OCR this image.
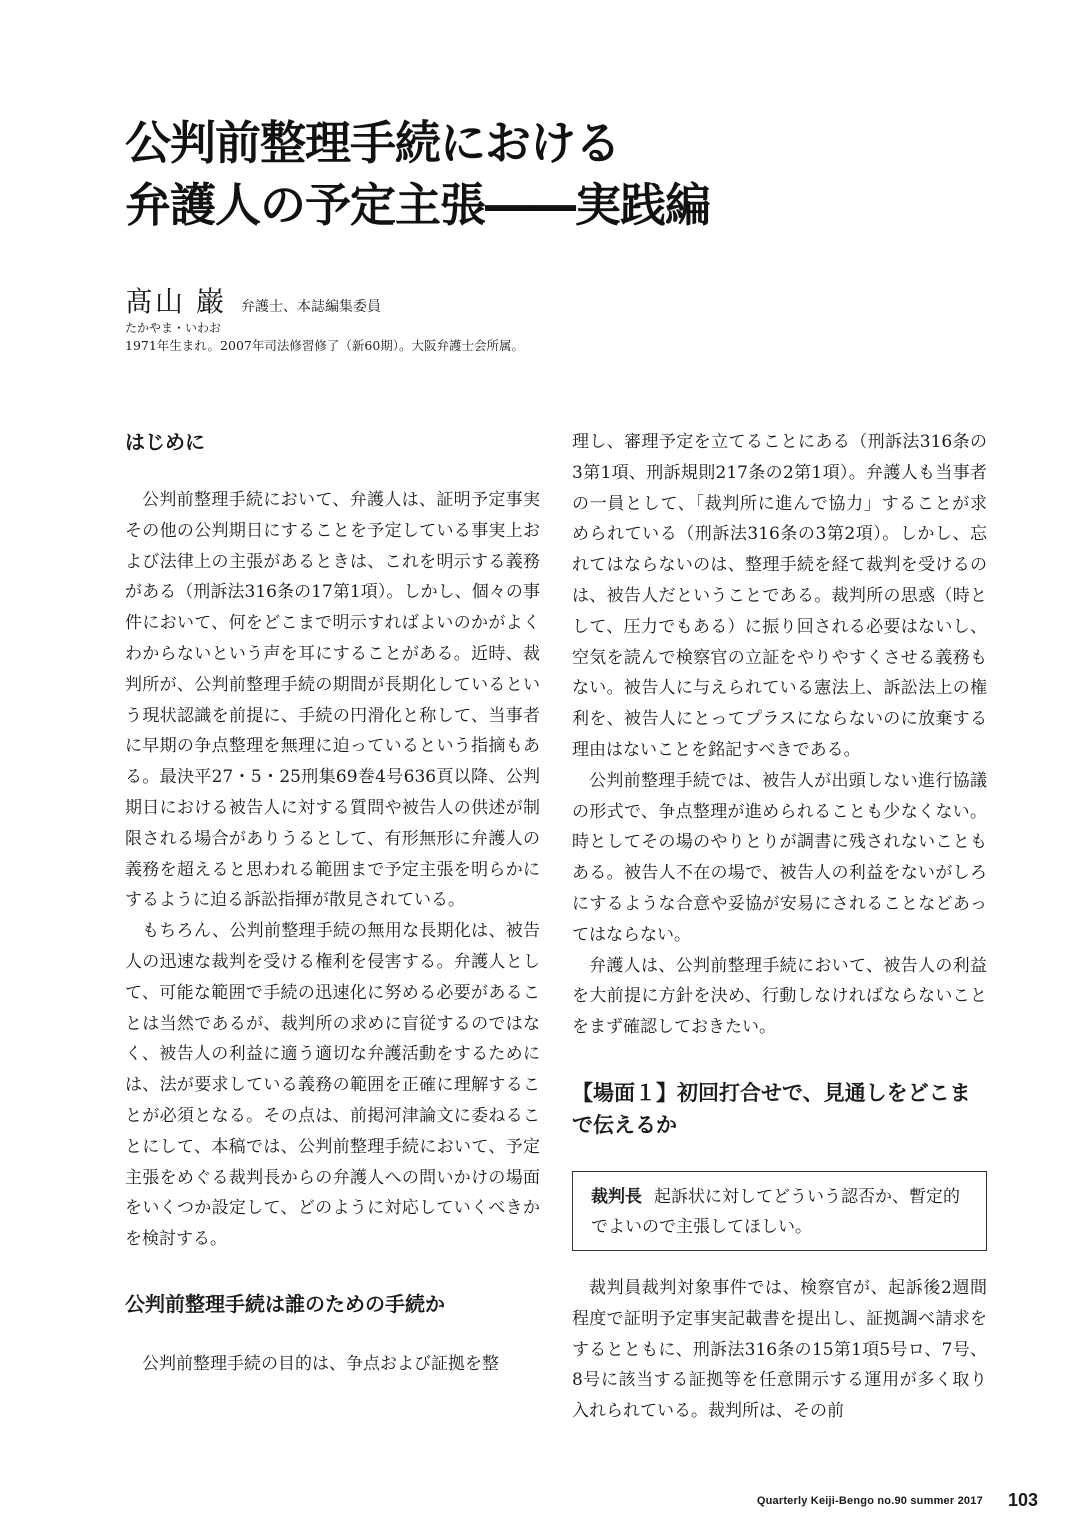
公判前整理手続における
弁護人の予定主張――実践編
髙山 巌 弁護士、本誌編集委員
たかやま・いわお
1971年生まれ。2007年司法修習修了（新60期）。大阪弁護士会所属。
はじめに

公判前整理手続において、弁護人は、証明予定事実その他の公判期日にすることを予定している事実上および法律上の主張があるときは、これを明示する義務がある（刑訴法316条の17第1項）。しかし、個々の事件において、何をどこまで明示すればよいのかがよくわからないという声を耳にすることがある。近時、裁判所が、公判前整理手続の期間が長期化しているという現状認識を前提に、手続の円滑化と称して、当事者に早期の争点整理を無理に迫っているという指摘もある。最決平27・5・25刑集69巻4号636頁以降、公判期日における被告人に対する質問や被告人の供述が制限される場合がありうるとして、有形無形に弁護人の義務を超えると思われる範囲まで予定主張を明らかにするように迫る訴訟指揮が散見されている。

もちろん、公判前整理手続の無用な長期化は、被告人の迅速な裁判を受ける権利を侵害する。弁護人として、可能な範囲で手続の迅速化に努める必要があることは当然であるが、裁判所の求めに盲従するのではなく、被告人の利益に適う適切な弁護活動をするためには、法が要求している義務の範囲を正確に理解することが必須となる。その点は、前掲河津論文に委ねることにして、本稿では、公判前整理手続において、予定主張をめぐる裁判長からの弁護人への問いかけの場面をいくつか設定して、どのように対応していくべきかを検討する。

公判前整理手続は誰のための手続か

公判前整理手続の目的は、争点および証拠を整

理し、審理予定を立てることにある（刑訴法316条の3第1項、刑訴規則217条の2第1項）。弁護人も当事者の一員として、「裁判所に進んで協力」することが求められている（刑訴法316条の3第2項）。しかし、忘れてはならないのは、整理手続を経て裁判を受けるのは、被告人だということである。裁判所の思惑（時として、圧力でもある）に振り回される必要はないし、空気を読んで検察官の立証をやりやすくさせる義務もない。被告人に与えられている憲法上、訴訟法上の権利を、被告人にとってプラスにならないのに放棄する理由はないことを銘記すべきである。

公判前整理手続では、被告人が出頭しない進行協議の形式で、争点整理が進められることも少なくない。時としてその場のやりとりが調書に残されないこともある。被告人不在の場で、被告人の利益をないがしろにするような合意や妥協が安易にされることなどあってはならない。

弁護人は、公判前整理手続において、被告人の利益を大前提に方針を決め、行動しなければならないことをまず確認しておきたい。

【場面１】初回打合せで、見通しをどこまで伝えるか
裁判長 起訴状に対してどういう認否か、暫定的でよいので主張してほしい。

裁判員裁判対象事件では、検察官が、起訴後2週間程度で証明予定事実記載書を提出し、証拠調べ請求をするとともに、刑訴法316条の15第1項5号ロ、7号、8号に該当する証拠等を任意開示する運用が多く取り入れられている。裁判所は、その前

Quarterly Keiji-Bengo no.90 summer 2017 103
